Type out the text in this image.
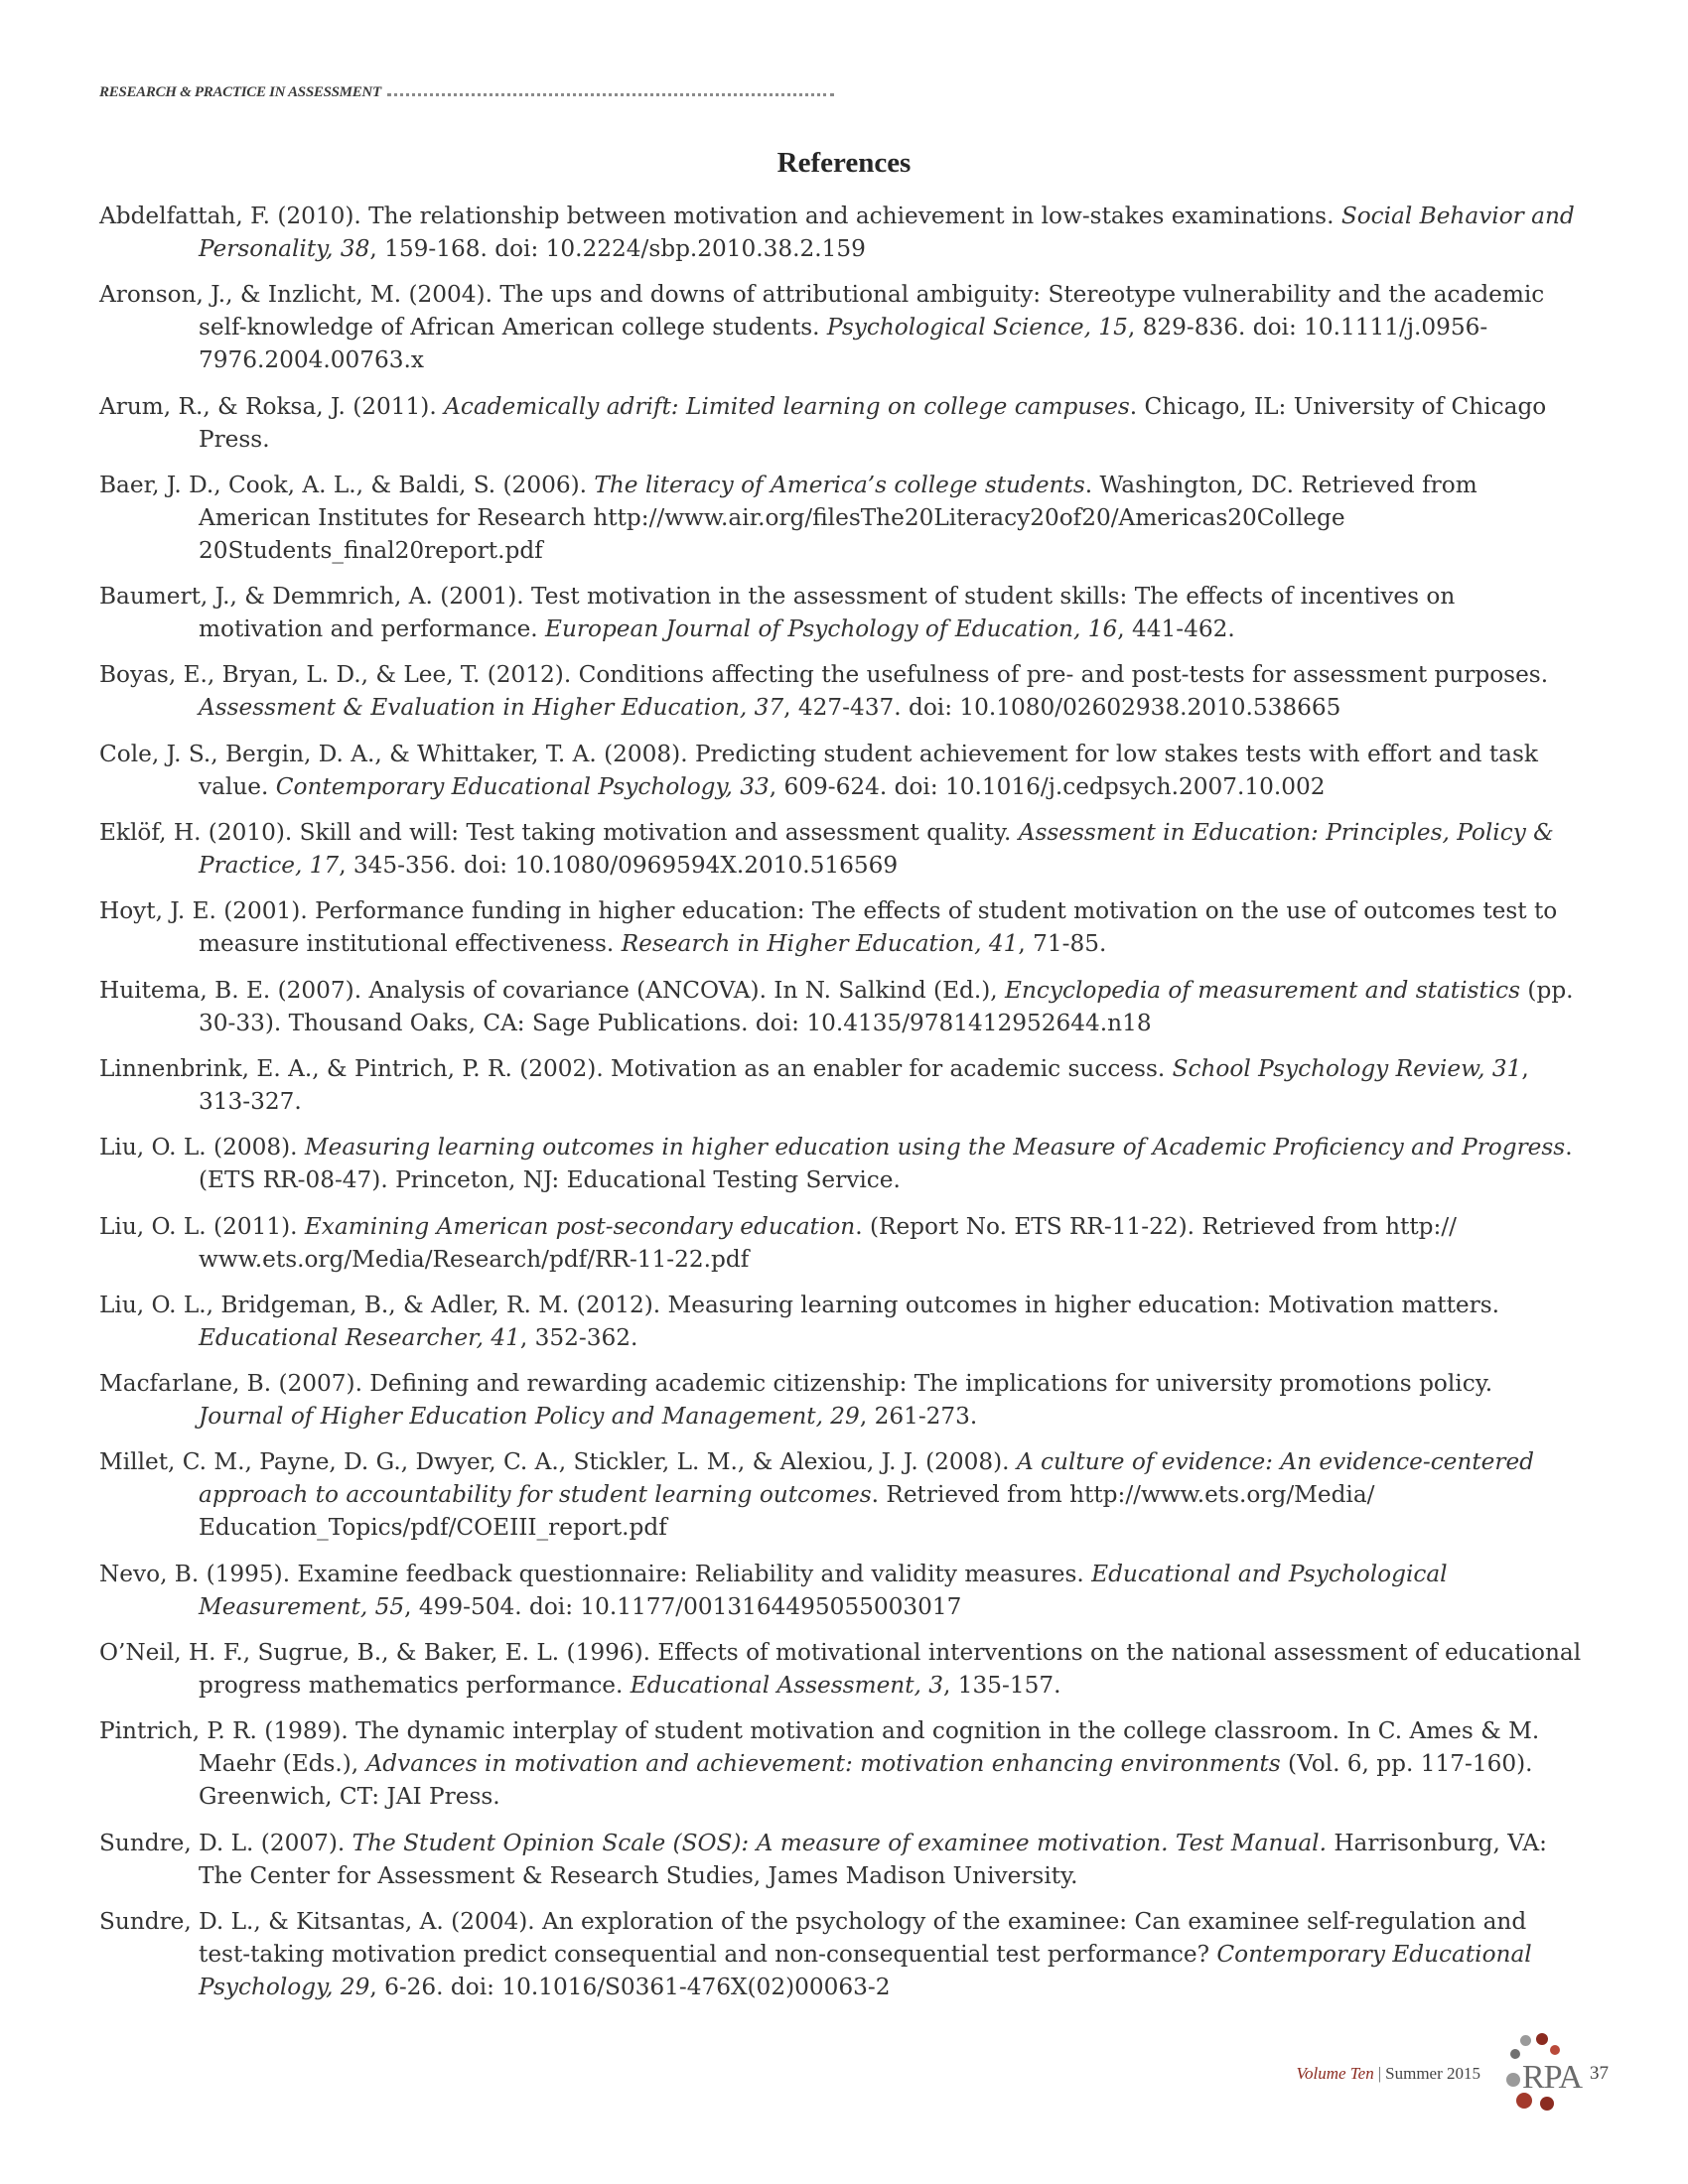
RESEARCH & PRACTICE IN ASSESSMENT
References

Abdelfattah, F. (2010). The relationship between motivation and achievement in low-stakes examinations. Social Behavior and Personality, 38, 159-168. doi: 10.2224/sbp.2010.38.2.159

Aronson, J., & Inzlicht, M. (2004). The ups and downs of attributional ambiguity: Stereotype vulnerability and the academic self-knowledge of African American college students. Psychological Science, 15, 829-836. doi: 10.1111/j.0956-7976.2004.00763.x

Arum, R., & Roksa, J. (2011). Academically adrift: Limited learning on college campuses. Chicago, IL: University of Chicago Press.

Baer, J. D., Cook, A. L., & Baldi, S. (2006). The literacy of America’s college students. Washington, DC. Retrieved from American Institutes for Research http://www.air.org/filesThe20Literacy20of20/Americas20College 20Students_final20report.pdf

Baumert, J., & Demmrich, A. (2001). Test motivation in the assessment of student skills: The effects of incentives on motivation and performance. European Journal of Psychology of Education, 16, 441-462.

Boyas, E., Bryan, L. D., & Lee, T. (2012). Conditions affecting the usefulness of pre- and post-tests for assessment purposes. Assessment & Evaluation in Higher Education, 37, 427-437. doi: 10.1080/02602938.2010.538665

Cole, J. S., Bergin, D. A., & Whittaker, T. A. (2008). Predicting student achievement for low stakes tests with effort and task value. Contemporary Educational Psychology, 33, 609-624. doi: 10.1016/j.cedpsych.2007.10.002

Eklöf, H. (2010). Skill and will: Test taking motivation and assessment quality. Assessment in Education: Principles, Policy & Practice, 17, 345-356. doi: 10.1080/0969594X.2010.516569

Hoyt, J. E. (2001). Performance funding in higher education: The effects of student motivation on the use of outcomes test to measure institutional effectiveness. Research in Higher Education, 41, 71-85.

Huitema, B. E. (2007). Analysis of covariance (ANCOVA). In N. Salkind (Ed.), Encyclopedia of measurement and statistics (pp. 30-33). Thousand Oaks, CA: Sage Publications. doi: 10.4135/9781412952644.n18

Linnenbrink, E. A., & Pintrich, P. R. (2002). Motivation as an enabler for academic success. School Psychology Review, 31, 313-327.

Liu, O. L. (2008). Measuring learning outcomes in higher education using the Measure of Academic Proficiency and Progress. (ETS RR-08-47). Princeton, NJ: Educational Testing Service.

Liu, O. L. (2011). Examining American post-secondary education. (Report No. ETS RR-11-22). Retrieved from http:// www.ets.org/Media/Research/pdf/RR-11-22.pdf

Liu, O. L., Bridgeman, B., & Adler, R. M. (2012). Measuring learning outcomes in higher education: Motivation matters. Educational Researcher, 41, 352-362.

Macfarlane, B. (2007). Defining and rewarding academic citizenship: The implications for university promotions policy. Journal of Higher Education Policy and Management, 29, 261-273.

Millet, C. M., Payne, D. G., Dwyer, C. A., Stickler, L. M., & Alexiou, J. J. (2008). A culture of evidence: An evidence-centered approach to accountability for student learning outcomes. Retrieved from http://www.ets.org/Media/ Education_Topics/pdf/COEIII_report.pdf

Nevo, B. (1995). Examine feedback questionnaire: Reliability and validity measures. Educational and Psychological Measurement, 55, 499-504. doi: 10.1177/0013164495055003017

O’Neil, H. F., Sugrue, B., & Baker, E. L. (1996). Effects of motivational interventions on the national assessment of educational progress mathematics performance. Educational Assessment, 3, 135-157.

Pintrich, P. R. (1989). The dynamic interplay of student motivation and cognition in the college classroom. In C. Ames & M. Maehr (Eds.), Advances in motivation and achievement: motivation enhancing environments (Vol. 6, pp. 117-160). Greenwich, CT: JAI Press.

Sundre, D. L. (2007). The Student Opinion Scale (SOS): A measure of examinee motivation. Test Manual. Harrisonburg, VA: The Center for Assessment & Research Studies, James Madison University.

Sundre, D. L., & Kitsantas, A. (2004). An exploration of the psychology of the examinee: Can examinee self-regulation and test-taking motivation predict consequential and non-consequential test performance? Contemporary Educational Psychology, 29, 6-26. doi: 10.1016/S0361-476X(02)00063-2

Volume Ten | Summer 2015 RPA 37
